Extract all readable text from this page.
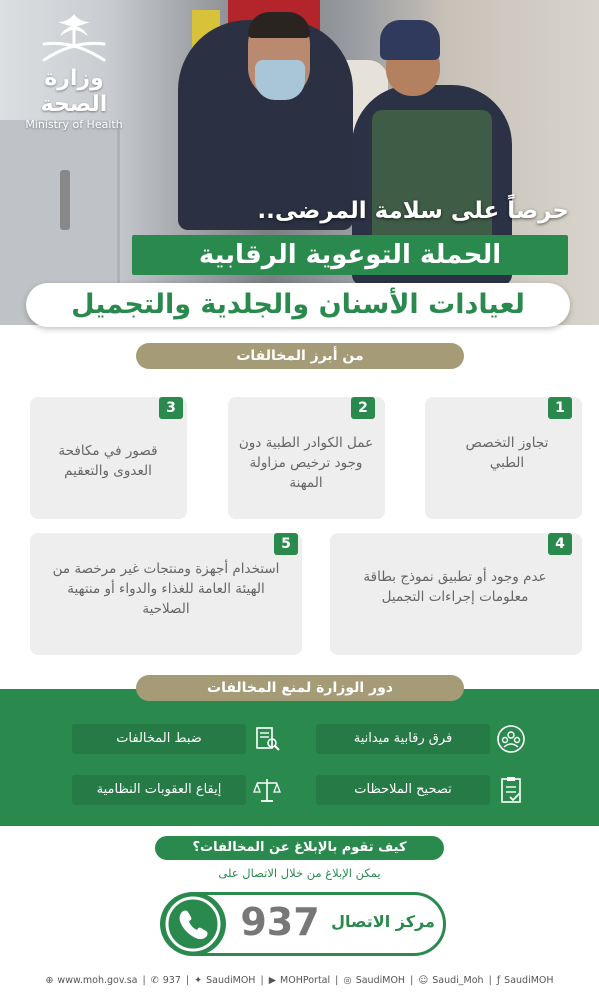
وزارة الصحة
Ministry of Health
حرصاً على سلامة المرضى..
الحملة التوعوية الرقابية
لعيادات الأسنان والجلدية والتجميل
من أبرز المخالفات
1
تجاوز التخصص الطبي
2
عمل الكوادر الطبية دون وجود ترخيص مزاولة المهنة
3
قصور في مكافحة العدوى والتعقيم
4
عدم وجود أو تطبيق نموذج بطاقة معلومات إجراءات التجميل
5
استخدام أجهزة ومنتجات غير مرخصة من الهيئة العامة للغذاء والدواء أو منتهية الصلاحية
دور الوزارة لمنع المخالفات
فرق رقابية ميدانية
ضبط المخالفات
تصحيح الملاحظات
إيقاع العقوبات النظامية
كيف تقوم بالإبلاغ عن المخالفات؟
يمكن الإبلاغ من خلال الاتصال على
937 مركز الاتصال
⊕ www.moh.gov.sa | ✆ 937 | ✦ SaudiMOH | ▶ MOHPortal | ◎ SaudiMOH | ☺ Saudi_Moh | ƒ SaudiMOH
